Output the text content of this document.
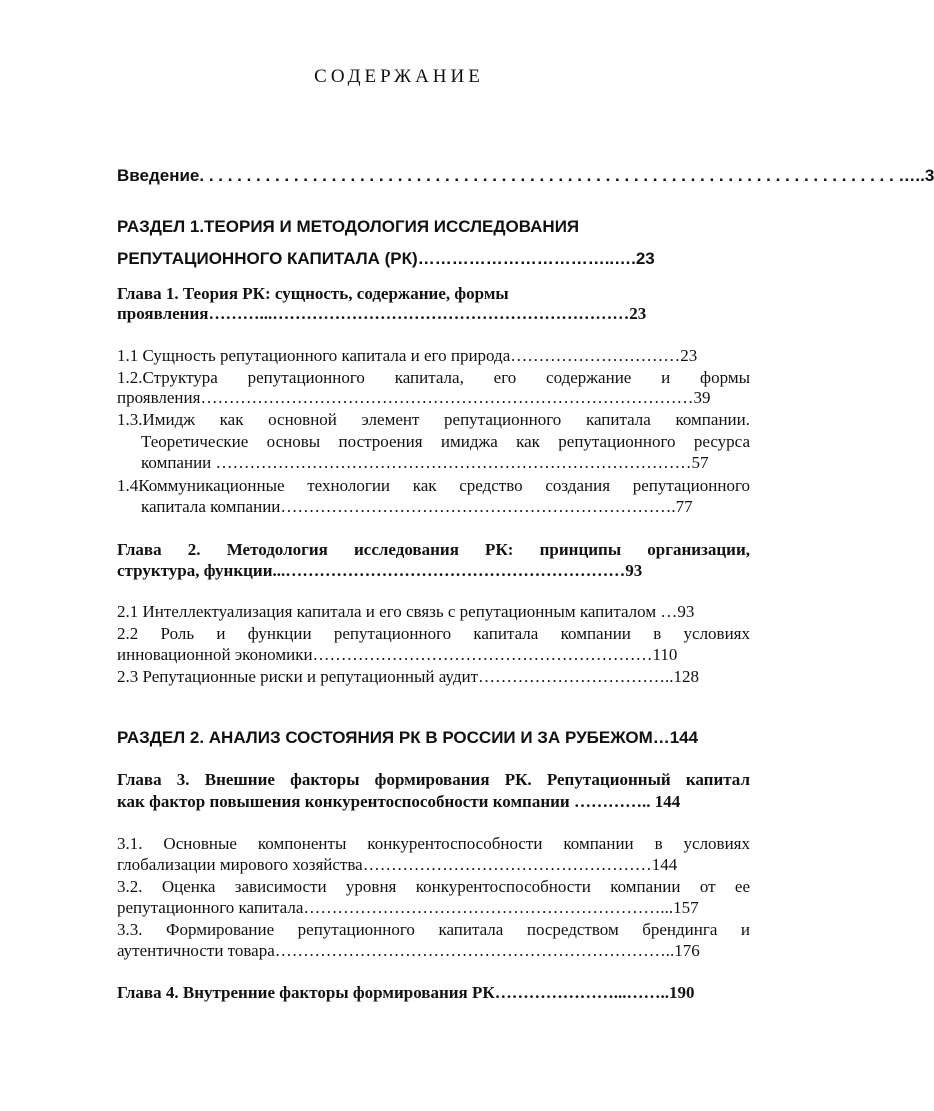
СОДЕРЖАНИЕ
Введение. . . . . . . . . . . . . . . . . . . . . . . . . . . . . . . . . . . . . . . . . . . . . . . . . . . . . . . . . . . . . . . . . . . . . . . . . . …..3
РАЗДЕЛ 1.ТЕОРИЯ И МЕТОДОЛОГИЯ ИССЛЕДОВАНИЯ
РЕПУТАЦИОННОГО КАПИТАЛА (РК)……………………………..….23
Глава 1. Теория РК: сущность, содержание, формы
проявления………...………………………………………………………23
1.1 Сущность репутационного капитала и его природа…………………………23
1.2.Структура репутационного капитала, его содержание и формы
проявления……………………………………………………………………………39
1.3.Имидж как основной элемент репутационного капитала компании.
Теоретические основы построения имиджа как репутационного ресурса
компании …………………………………………………………………………57
1.4Коммуникационные технологии как средство создания репутационного
капитала компании…………………………………………………………….77
Глава 2. Методология исследования РК: принципы организации,
структура, функции...……………………………………………………93
2.1 Интеллектуализация капитала и его связь с репутационным капиталом …93
2.2 Роль и функции репутационного капитала компании в условиях
инновационной экономики……………………………………………………110
2.3 Репутационные риски и репутационный аудит……………………………..128
РАЗДЕЛ 2. АНАЛИЗ СОСТОЯНИЯ РК В РОССИИ И ЗА РУБЕЖОМ…144
Глава 3. Внешние факторы формирования РК. Репутационный капитал
как фактор повышения конкурентоспособности компании ………….. 144
3.1. Основные компоненты конкурентоспособности компании в условиях
глобализации мирового хозяйства……………………………………………144
3.2. Оценка зависимости уровня конкурентоспособности компании от ее
репутационного капитала………………………………………………………...157
3.3. Формирование репутационного капитала посредством брендинга и
аутентичности товара……………………………………………………………..176
Глава 4. Внутренние факторы формирования РК…………………...……..190
